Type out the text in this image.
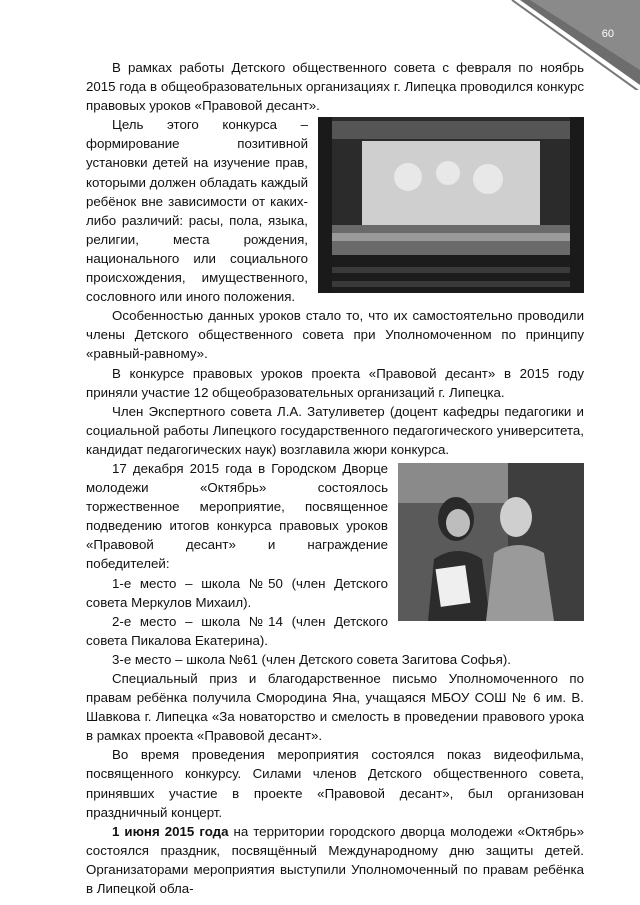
60

В рамках работы Детского общественного совета с февраля по ноябрь 2015 года в общеобразовательных организациях г. Липецка проводился конкурс правовых уроков «Правовой десант».

Цель этого конкурса – формирование позитивной установки детей на изучение прав, которыми должен обладать каждый ребёнок вне зависимости от каких-либо различий: расы, пола, языка, религии, места рождения, национального или социального происхождения, имущественного, сословного или иного положения.

Особенностью данных уроков стало то, что их самостоятельно проводили члены Детского общественного совета при Уполномоченном по принципу «равный-равному».

В конкурсе правовых уроков проекта «Правовой десант» в 2015 году приняли участие 12 общеобразовательных организаций г. Липецка.

Член Экспертного совета Л.А. Затуливетер (доцент кафедры педагогики и социальной работы Липецкого государственного педагогического университета, кандидат педагогических наук) возглавила жюри конкурса.

17 декабря 2015 года в Городском Дворце молодежи «Октябрь» состоялось торжественное мероприятие, посвященное подведению итогов конкурса правовых уроков «Правовой десант» и награждение победителей:

1-е место – школа №50 (член Детского совета Меркулов Михаил).

2-е место – школа №14 (член Детского совета Пикалова Екатерина).

3-е место – школа №61 (член Детского совета Загитова Софья).

Специальный приз и благодарственное письмо Уполномоченного по правам ребёнка получила Смородина Яна, учащаяся МБОУ СОШ № 6 им. В. Шавкова г. Липецка «За новаторство и смелость в проведении правового урока в рамках проекта «Правовой десант».

Во время проведения мероприятия состоялся показ видеофильма, посвященного конкурсу. Силами членов Детского общественного совета, принявших участие в проекте «Правовой десант», был организован праздничный концерт.

1 июня 2015 года на территории городского дворца молодежи «Октябрь» состоялся праздник, посвящённый Международному дню защиты детей. Организаторами мероприятия выступили Уполномоченный по правам ребёнка в Липецкой обла-
